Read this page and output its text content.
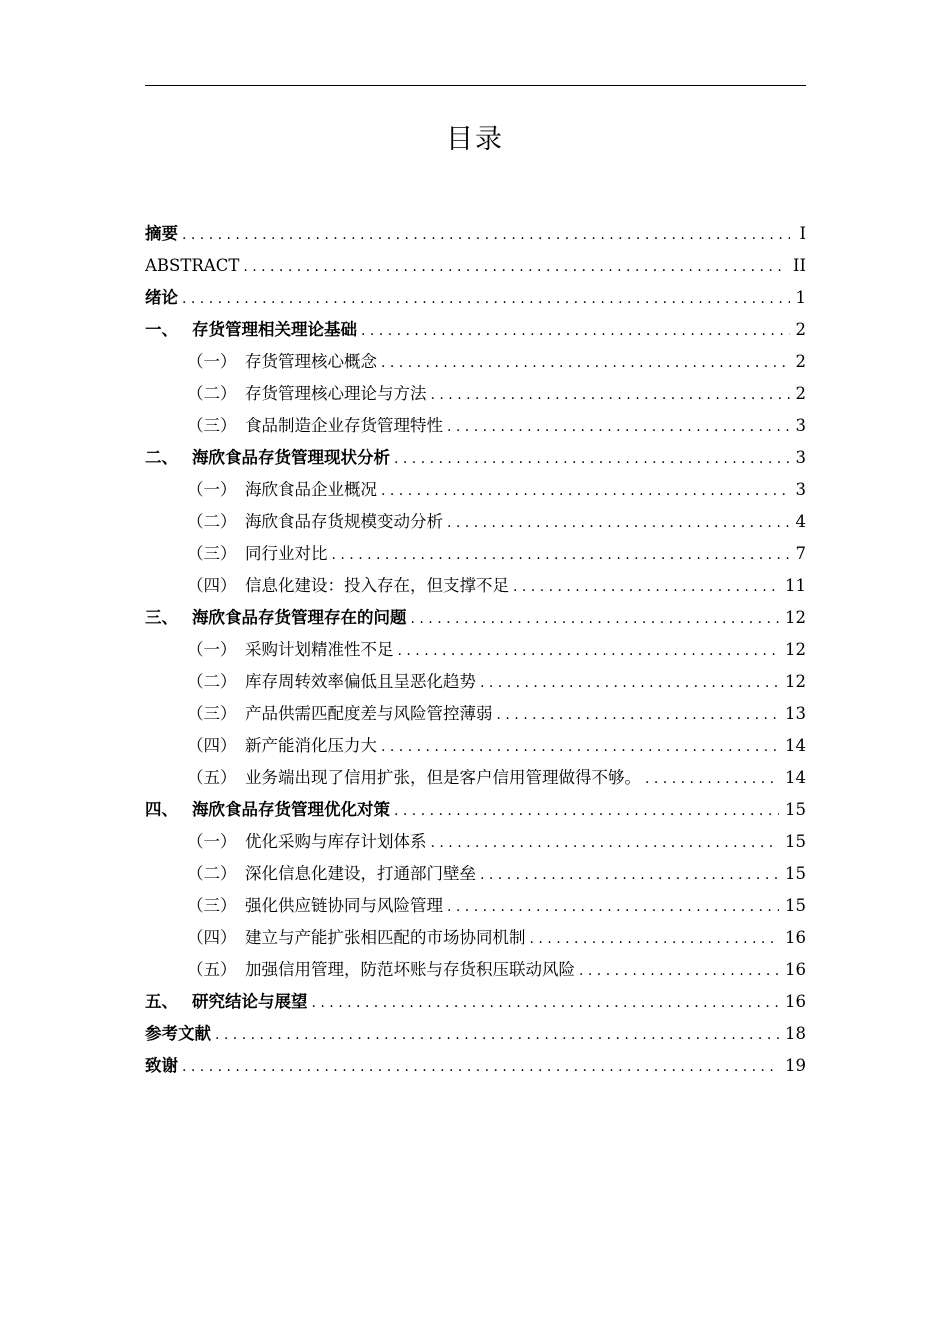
目录
摘要 . . .	I
ABSTRACT . . .	II
绪论 . . .	1
一、 存货管理相关理论基础 . . .	2
（一） 存货管理核心概念 . . .	2
（二） 存货管理核心理论与方法 . . .	2
（三） 食品制造企业存货管理特性 . . .	3
二、 海欣食品存货管理现状分析 . . .	3
（一） 海欣食品企业概况 . . .	3
（二） 海欣食品存货规模变动分析 . . .	4
（三） 同行业对比 . . .	7
（四） 信息化建设：投入存在，但支撑不足 . . .	11
三、 海欣食品存货管理存在的问题 . . .	12
（一） 采购计划精准性不足 . . .	12
（二） 库存周转效率偏低且呈恶化趋势 . . .	12
（三） 产品供需匹配度差与风险管控薄弱 . . .	13
（四） 新产能消化压力大 . . .	14
（五） 业务端出现了信用扩张，但是客户信用管理做得不够。 . . .	14
四、 海欣食品存货管理优化对策 . . .	15
（一） 优化采购与库存计划体系 . . .	15
（二） 深化信息化建设，打通部门壁垒 . . .	15
（三） 强化供应链协同与风险管理 . . .	15
（四） 建立与产能扩张相匹配的市场协同机制 . . .	16
（五） 加强信用管理，防范坏账与存货积压联动风险 . . .	16
五、 研究结论与展望 . . .	16
参考文献 . . .	18
致谢 . . .	19
